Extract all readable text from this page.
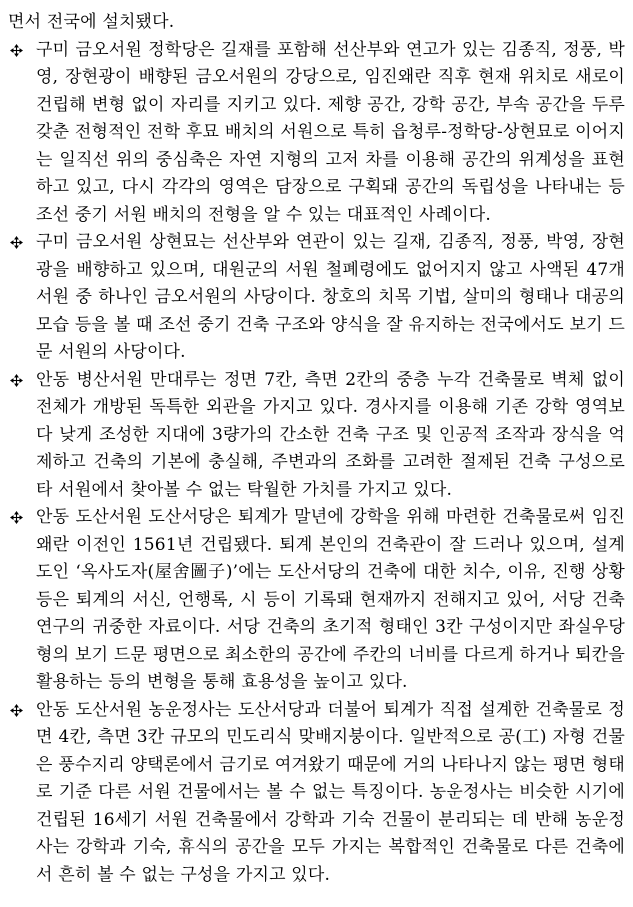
면서 전국에 설치됐다.

구미 금오서원 정학당은 길재를 포함해 선산부와 연고가 있는 김종직, 정풍, 박영, 장현광이 배향된 금오서원의 강당으로, 임진왜란 직후 현재 위치로 새로이 건립해 변형 없이 자리를 지키고 있다. 제향 공간, 강학 공간, 부속 공간을 두루 갖춘 전형적인 전학 후묘 배치의 서원으로 특히 읍청루-정학당-상현묘로 이어지는 일직선 위의 중심축은 자연 지형의 고저 차를 이용해 공간의 위계성을 표현하고 있고, 다시 각각의 영역은 담장으로 구획돼 공간의 독립성을 나타내는 등 조선 중기 서원 배치의 전형을 알 수 있는 대표적인 사례이다.
구미 금오서원 상현묘는 선산부와 연관이 있는 길재, 김종직, 정풍, 박영, 장현광을 배향하고 있으며, 대원군의 서원 철폐령에도 없어지지 않고 사액된 47개 서원 중 하나인 금오서원의 사당이다. 창호의 치목 기법, 살미의 형태나 대공의 모습 등을 볼 때 조선 중기 건축 구조와 양식을 잘 유지하는 전국에서도 보기 드문 서원의 사당이다.
안동 병산서원 만대루는 정면 7칸, 측면 2칸의 중층 누각 건축물로 벽체 없이 전체가 개방된 독특한 외관을 가지고 있다. 경사지를 이용해 기존 강학 영역보다 낮게 조성한 지대에 3량가의 간소한 건축 구조 및 인공적 조작과 장식을 억제하고 건축의 기본에 충실해, 주변과의 조화를 고려한 절제된 건축 구성으로 타 서원에서 찾아볼 수 없는 탁월한 가치를 가지고 있다.
안동 도산서원 도산서당은 퇴계가 말년에 강학을 위해 마련한 건축물로써 임진왜란 이전인 1561년 건립됐다. 퇴계 본인의 건축관이 잘 드러나 있으며, 설계도인 ‘옥사도자(屋舍圖子)’에는 도산서당의 건축에 대한 치수, 이유, 진행 상황 등은 퇴계의 서신, 언행록, 시 등이 기록돼 현재까지 전해지고 있어, 서당 건축 연구의 귀중한 자료이다. 서당 건축의 초기적 형태인 3칸 구성이지만 좌실우당형의 보기 드문 평면으로 최소한의 공간에 주칸의 너비를 다르게 하거나 퇴칸을 활용하는 등의 변형을 통해 효용성을 높이고 있다.
안동 도산서원 농운정사는 도산서당과 더불어 퇴계가 직접 설계한 건축물로 정면 4칸, 측면 3칸 규모의 민도리식 맞배지붕이다. 일반적으로 공(工) 자형 건물은 풍수지리 양택론에서 금기로 여겨왔기 때문에 거의 나타나지 않는 평면 형태로 기준 다른 서원 건물에서는 볼 수 없는 특징이다. 농운정사는 비슷한 시기에 건립된 16세기 서원 건축물에서 강학과 기숙 건물이 분리되는 데 반해 농운정사는 강학과 기숙, 휴식의 공간을 모두 가지는 복합적인 건축물로 다른 건축에서 흔히 볼 수 없는 구성을 가지고 있다.
